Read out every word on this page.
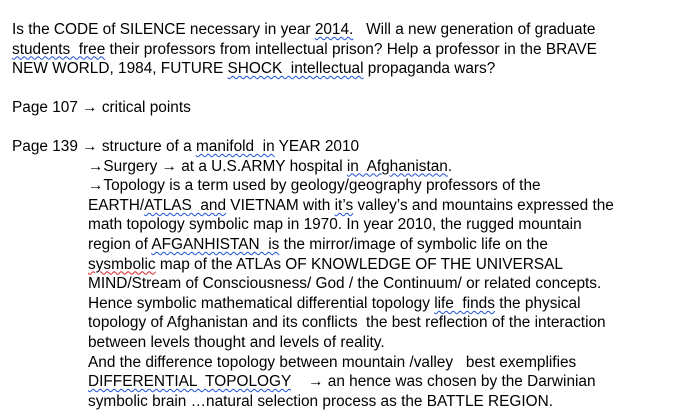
Is the CODE of SILENCE necessary in year 2014.   Will a new generation of graduate
students  free their professors from intellectual prison? Help a professor in the BRAVE
NEW WORLD, 1984, FUTURE SHOCK  intellectual propaganda wars?
Page 107 → critical points
Page 139 → structure of a manifold  in YEAR 2010
→Surgery → at a U.S.ARMY hospital in  Afghanistan.
→Topology is a term used by geology/geography professors of the
EARTH/ATLAS  and VIETNAM with it’s valley’s and mountains expressed the
math topology symbolic map in 1970. In year 2010, the rugged mountain
region of AFGANHISTAN  is the mirror/image of symbolic life on the
sysmbolic map of the ATLAs OF KNOWLEDGE OF THE UNIVERSAL
MIND/Stream of Consciousness/ God / the Continuum/ or related concepts.
Hence symbolic mathematical differential topology life  finds the physical
topology of Afghanistan and its conflicts  the best reflection of the interaction
between levels thought and levels of reality.
And the difference topology between mountain /valley   best exemplifies
DIFFERENTIAL  TOPOLOGY    → an hence was chosen by the Darwinian
symbolic brain …natural selection process as the BATTLE REGION.
